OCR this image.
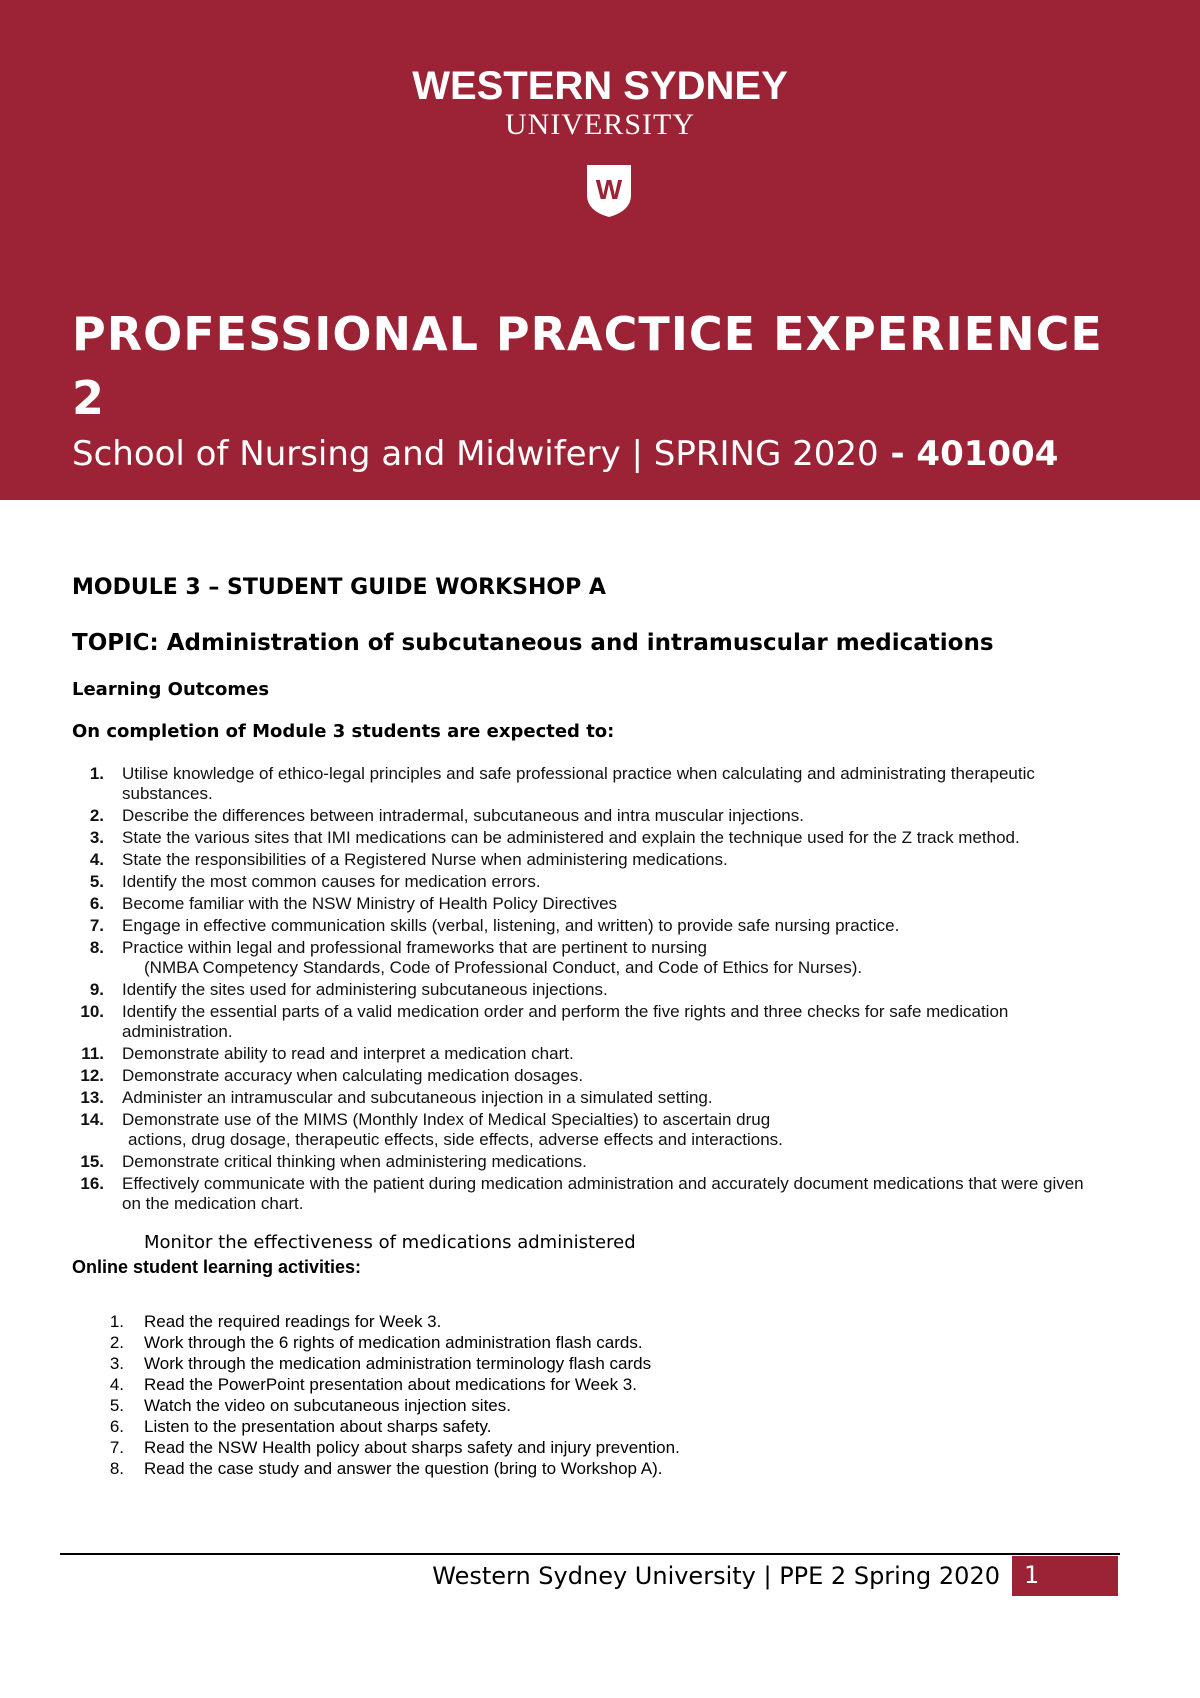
WESTERN SYDNEY
UNIVERSITY
W
PROFESSIONAL PRACTICE EXPERIENCE 2

School of Nursing and Midwifery | SPRING 2020 - 401004

MODULE 3 – STUDENT GUIDE WORKSHOP A
TOPIC: Administration of subcutaneous and intramuscular medications
Learning Outcomes

On completion of Module 3 students are expected to:

1. Utilise knowledge of ethico-legal principles and safe professional practice when calculating and administrating therapeutic substances.
2. Describe the differences between intradermal, subcutaneous and intra muscular injections.
3. State the various sites that IMI medications can be administered and explain the technique used for the Z track method.
4. State the responsibilities of a Registered Nurse when administering medications.
5. Identify the most common causes for medication errors.
6. Become familiar with the NSW Ministry of Health Policy Directives
7. Engage in effective communication skills (verbal, listening, and written) to provide safe nursing practice.
8. Practice within legal and professional frameworks that are pertinent to nursing
(NMBA Competency Standards, Code of Professional Conduct, and Code of Ethics for Nurses).
9. Identify the sites used for administering subcutaneous injections.
10. Identify the essential parts of a valid medication order and perform the five rights and three checks for safe medication administration.
11. Demonstrate ability to read and interpret a medication chart.
12. Demonstrate accuracy when calculating medication dosages.
13. Administer an intramuscular and subcutaneous injection in a simulated setting.
14. Demonstrate use of the MIMS (Monthly Index of Medical Specialties) to ascertain drug
actions, drug dosage, therapeutic effects, side effects, adverse effects and interactions.
15. Demonstrate critical thinking when administering medications.
16. Effectively communicate with the patient during medication administration and accurately document medications that were given on the medication chart.

Monitor the effectiveness of medications administered

Online student learning activities:

1. Read the required readings for Week 3.
2. Work through the 6 rights of medication administration flash cards.
3. Work through the medication administration terminology flash cards
4. Read the PowerPoint presentation about medications for Week 3.
5. Watch the video on subcutaneous injection sites.
6. Listen to the presentation about sharps safety.
7. Read the NSW Health policy about sharps safety and injury prevention.
8. Read the case study and answer the question (bring to Workshop A).

Western Sydney University | PPE 2 Spring 2020	1
